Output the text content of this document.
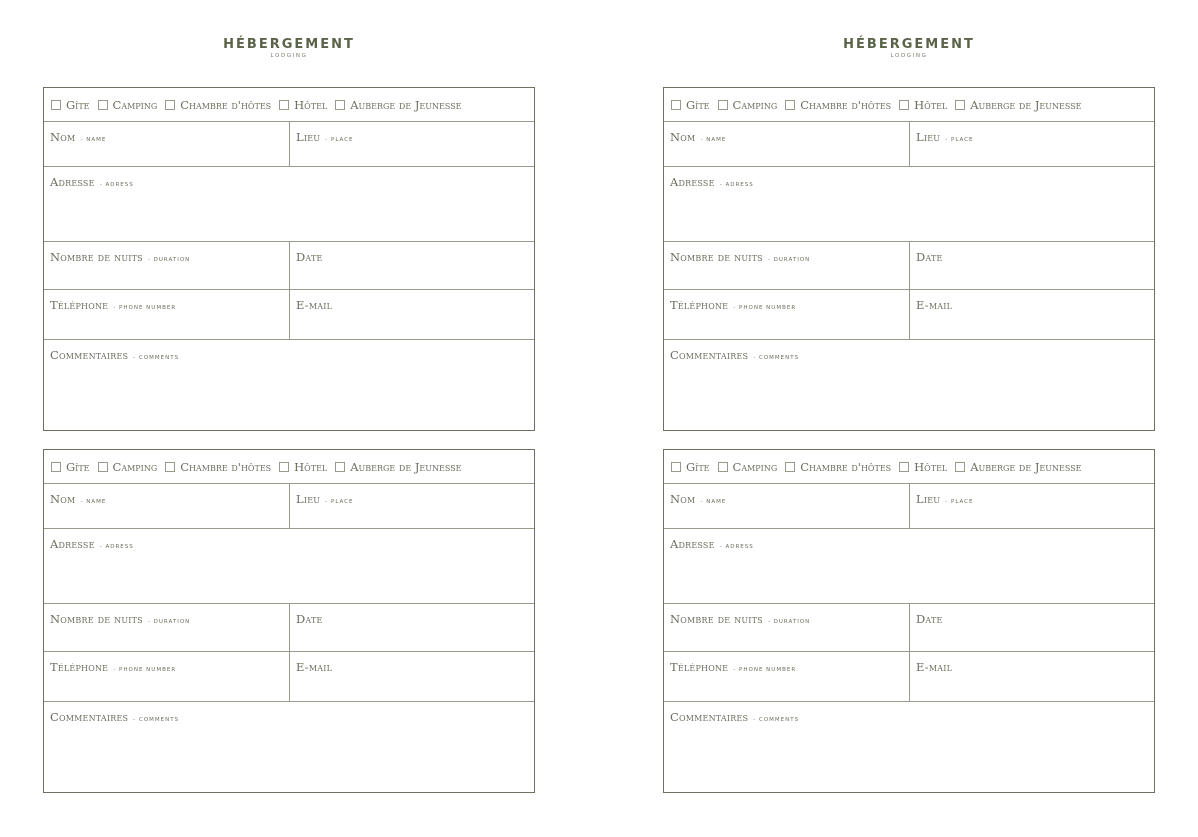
HÉBERGEMENT
LODGING
HÉBERGEMENT
LODGING
Gîte Camping Chambre d'hôtes Hôtel Auberge de Jeunesse
Nom - NAME	Lieu - PLACE
Adresse - ADRESS
Nombre de nuits - DURATION	Date
Téléphone - PHONE NUMBER	E-mail
Commentaires - COMMENTS
Gîte Camping Chambre d'hôtes Hôtel Auberge de Jeunesse
Nom - NAME	Lieu - PLACE
Adresse - ADRESS
Nombre de nuits - DURATION	Date
Téléphone - PHONE NUMBER	E-mail
Commentaires - COMMENTS
Gîte Camping Chambre d'hôtes Hôtel Auberge de Jeunesse
Nom - NAME	Lieu - PLACE
Adresse - ADRESS
Nombre de nuits - DURATION	Date
Téléphone - PHONE NUMBER	E-mail
Commentaires - COMMENTS
Gîte Camping Chambre d'hôtes Hôtel Auberge de Jeunesse
Nom - NAME	Lieu - PLACE
Adresse - ADRESS
Nombre de nuits - DURATION	Date
Téléphone - PHONE NUMBER	E-mail
Commentaires - COMMENTS
